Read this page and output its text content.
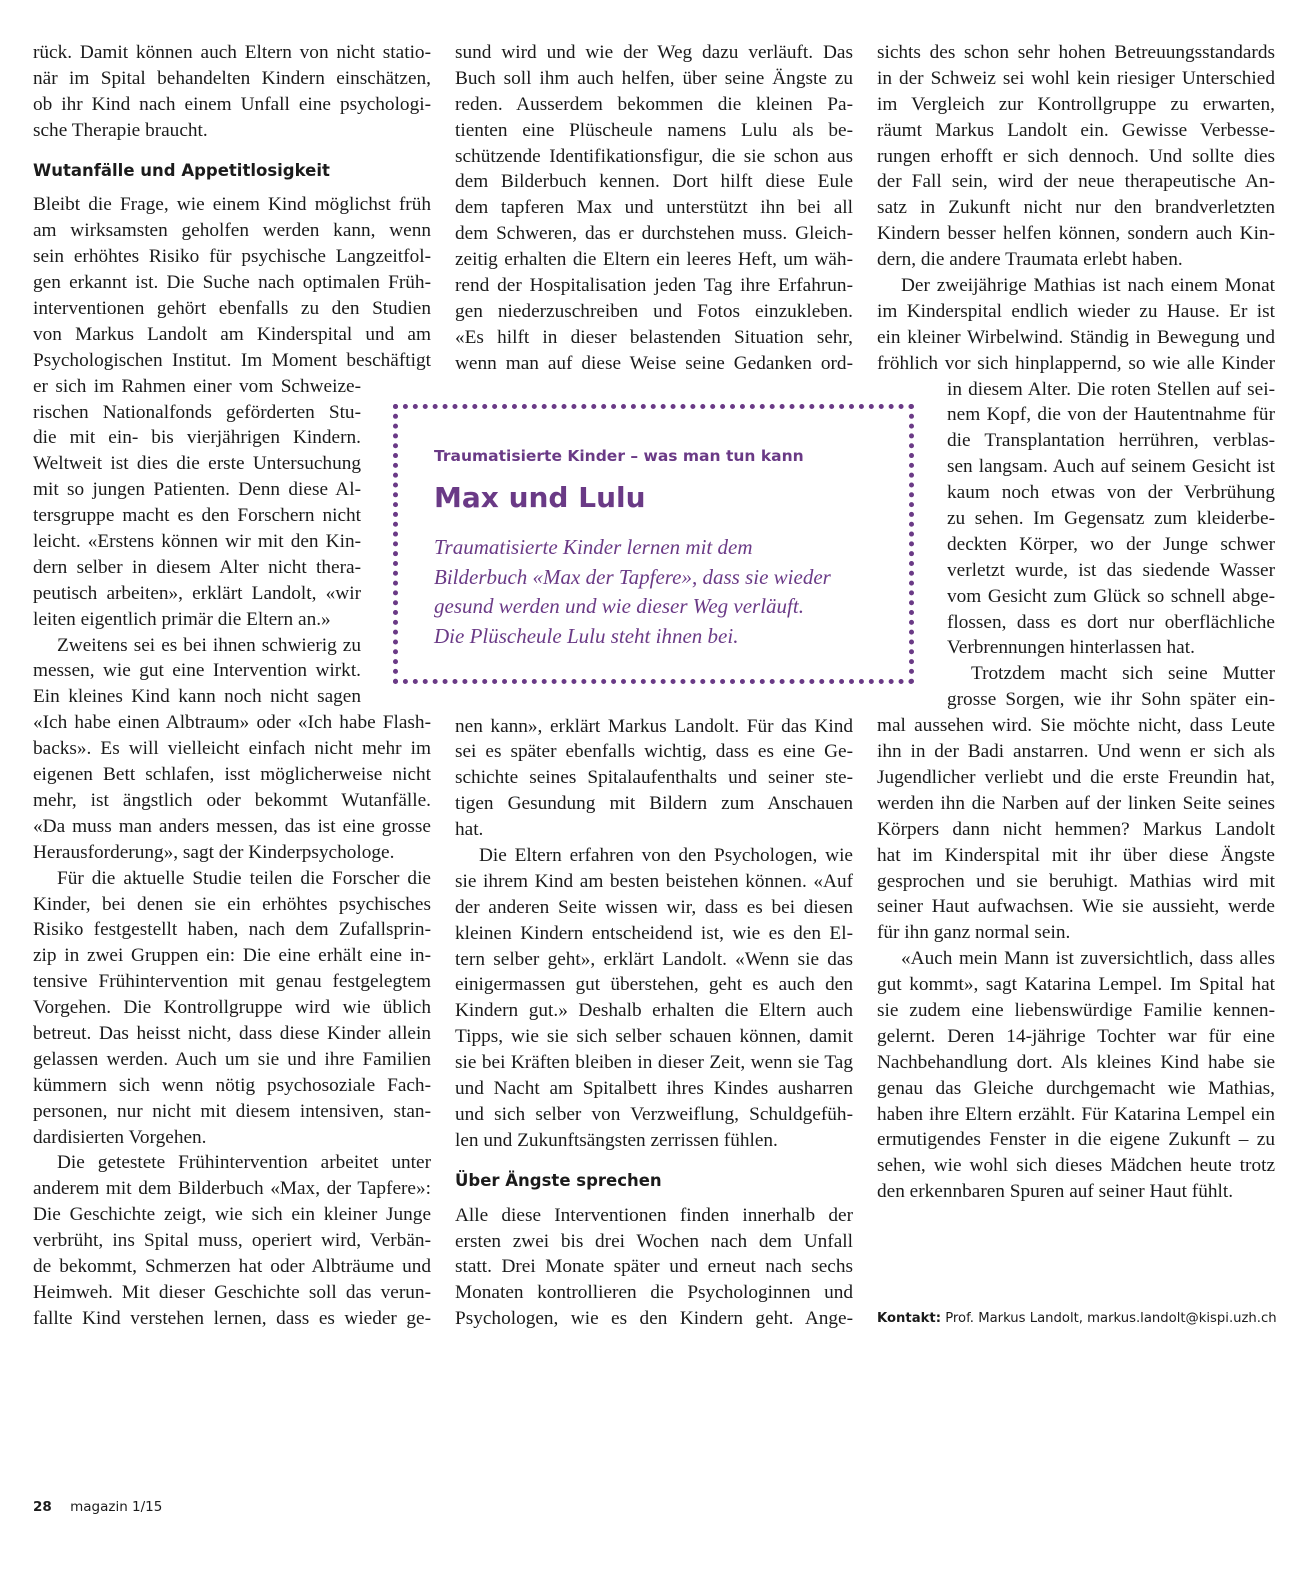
rück. Damit können auch Eltern von nicht statio-
när im Spital behandelten Kindern einschätzen,
ob ihr Kind nach einem Unfall eine psychologi-
sche Therapie braucht.
Wutanfälle und Appetitlosigkeit
Bleibt die Frage, wie einem Kind möglichst früh
am wirksamsten geholfen werden kann, wenn
sein erhöhtes Risiko für psychische Langzeitfol-
gen erkannt ist. Die Suche nach optimalen Früh-
interventionen gehört ebenfalls zu den Studien
von Markus Landolt am Kinderspital und am
Psychologischen Institut. Im Moment beschäftigt
er sich im Rahmen einer vom Schweize-
rischen Nationalfonds geförderten Stu-
die mit ein- bis vierjährigen Kindern.
Weltweit ist dies die erste Untersuchung
mit so jungen Patienten. Denn diese Al-
tersgruppe macht es den Forschern nicht
leicht. «Erstens können wir mit den Kin-
dern selber in diesem Alter nicht thera-
peutisch arbeiten», erklärt Landolt, «wir
leiten eigentlich primär die Eltern an.»
Zweitens sei es bei ihnen schwierig zu
messen, wie gut eine Intervention wirkt.
Ein kleines Kind kann noch nicht sagen
«Ich habe einen Albtraum» oder «Ich habe Flash-
backs». Es will vielleicht einfach nicht mehr im
eigenen Bett schlafen, isst möglicherweise nicht
mehr, ist ängstlich oder bekommt Wutanfälle.
«Da muss man anders messen, das ist eine grosse
Herausforderung», sagt der Kinderpsychologe.
Für die aktuelle Studie teilen die Forscher die
Kinder, bei denen sie ein erhöhtes psychisches
Risiko festgestellt haben, nach dem Zufallsprin-
zip in zwei Gruppen ein: Die eine erhält eine in-
tensive Frühintervention mit genau festgelegtem
Vorgehen. Die Kontrollgruppe wird wie üblich
betreut. Das heisst nicht, dass diese Kinder allein
gelassen werden. Auch um sie und ihre Familien
kümmern sich wenn nötig psychosoziale Fach-
personen, nur nicht mit diesem intensiven, stan-
dardisierten Vorgehen.
Die getestete Frühintervention arbeitet unter
anderem mit dem Bilderbuch «Max, der Tapfere»:
Die Geschichte zeigt, wie sich ein kleiner Junge
verbrüht, ins Spital muss, operiert wird, Verbän-
de bekommt, Schmerzen hat oder Albträume und
Heimweh. Mit dieser Geschichte soll das verun-
fallte Kind verstehen lernen, dass es wieder ge-
sund wird und wie der Weg dazu verläuft. Das
Buch soll ihm auch helfen, über seine Ängste zu
reden. Ausserdem bekommen die kleinen Pa-
tienten eine Plüscheule namens Lulu als be-
schützende Identifikationsfigur, die sie schon aus
dem Bilderbuch kennen. Dort hilft diese Eule
dem tapferen Max und unterstützt ihn bei all
dem Schweren, das er durchstehen muss. Gleich-
zeitig erhalten die Eltern ein leeres Heft, um wäh-
rend der Hospitalisation jeden Tag ihre Erfahrun-
gen niederzuschreiben und Fotos einzukleben.
«Es hilft in dieser belastenden Situation sehr,
wenn man auf diese Weise seine Gedanken ord-
nen kann», erklärt Markus Landolt. Für das Kind
sei es später ebenfalls wichtig, dass es eine Ge-
schichte seines Spitalaufenthalts und seiner ste-
tigen Gesundung mit Bildern zum Anschauen
hat.
Die Eltern erfahren von den Psychologen, wie
sie ihrem Kind am besten beistehen können. «Auf
der anderen Seite wissen wir, dass es bei diesen
kleinen Kindern entscheidend ist, wie es den El-
tern selber geht», erklärt Landolt. «Wenn sie das
einigermassen gut überstehen, geht es auch den
Kindern gut.» Deshalb erhalten die Eltern auch
Tipps, wie sie sich selber schauen können, damit
sie bei Kräften bleiben in dieser Zeit, wenn sie Tag
und Nacht am Spitalbett ihres Kindes ausharren
und sich selber von Verzweiflung, Schuldgefüh-
len und Zukunftsängsten zerrissen fühlen.
Über Ängste sprechen
Alle diese Interventionen finden innerhalb der
ersten zwei bis drei Wochen nach dem Unfall
statt. Drei Monate später und erneut nach sechs
Monaten kontrollieren die Psychologinnen und
Psychologen, wie es den Kindern geht. Ange-
sichts des schon sehr hohen Betreuungsstandards
in der Schweiz sei wohl kein riesiger Unterschied
im Vergleich zur Kontrollgruppe zu erwarten,
räumt Markus Landolt ein. Gewisse Verbesse-
rungen erhofft er sich dennoch. Und sollte dies
der Fall sein, wird der neue therapeutische An-
satz in Zukunft nicht nur den brandverletzten
Kindern besser helfen können, sondern auch Kin-
dern, die andere Traumata erlebt haben.
Der zweijährige Mathias ist nach einem Monat
im Kinderspital endlich wieder zu Hause. Er ist
ein kleiner Wirbelwind. Ständig in Bewegung und
fröhlich vor sich hinplappernd, so wie alle Kinder
in diesem Alter. Die roten Stellen auf sei-
nem Kopf, die von der Hautentnahme für
die Transplantation herrühren, verblas-
sen langsam. Auch auf seinem Gesicht ist
kaum noch etwas von der Verbrühung
zu sehen. Im Gegensatz zum kleiderbe-
deckten Körper, wo der Junge schwer
verletzt wurde, ist das siedende Wasser
vom Gesicht zum Glück so schnell abge-
flossen, dass es dort nur oberflächliche
Verbrennungen hinterlassen hat.
Trotzdem macht sich seine Mutter
grosse Sorgen, wie ihr Sohn später ein-
mal aussehen wird. Sie möchte nicht, dass Leute
ihn in der Badi anstarren. Und wenn er sich als
Jugendlicher verliebt und die erste Freundin hat,
werden ihn die Narben auf der linken Seite seines
Körpers dann nicht hemmen? Markus Landolt
hat im Kinderspital mit ihr über diese Ängste
gesprochen und sie beruhigt. Mathias wird mit
seiner Haut aufwachsen. Wie sie aussieht, werde
für ihn ganz normal sein.
«Auch mein Mann ist zuversichtlich, dass alles
gut kommt», sagt Katarina Lempel. Im Spital hat
sie zudem eine liebenswürdige Familie kennen-
gelernt. Deren 14-jährige Tochter war für eine
Nachbehandlung dort. Als kleines Kind habe sie
genau das Gleiche durchgemacht wie Mathias,
haben ihre Eltern erzählt. Für Katarina Lempel ein
ermutigendes Fenster in die eigene Zukunft – zu
sehen, wie wohl sich dieses Mädchen heute trotz
den erkennbaren Spuren auf seiner Haut fühlt.
Traumatisierte Kinder – was man tun kann
Max und Lulu
Traumatisierte Kinder lernen mit dem
Bilderbuch «Max der Tapfere», dass sie wieder
gesund werden und wie dieser Weg verläuft.
Die Plüscheule Lulu steht ihnen bei.
Kontakt: Prof. Markus Landolt, markus.landolt@kispi.uzh.ch
28 magazin 1/15
